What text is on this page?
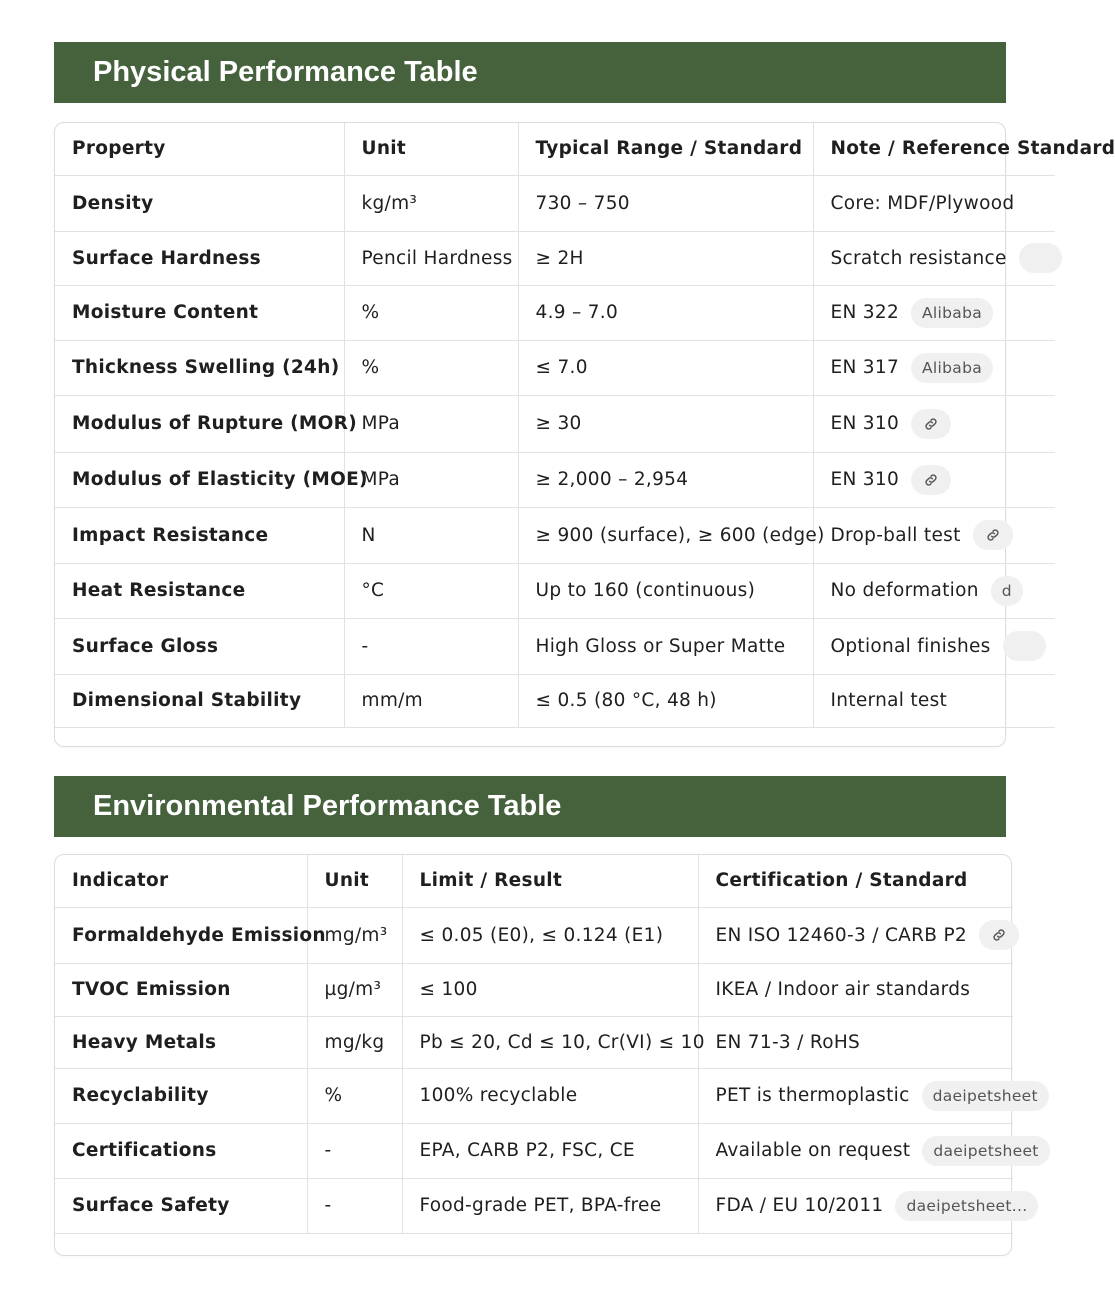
Physical Performance Table
Property	Unit	Typical Range / Standard	Note / Reference Standard
Density	kg/m³	730 – 750	Core: MDF/Plywood

Surface Hardness	Pencil Hardness	≥ 2H	Scratch resistance

Moisture Content	%	4.9 – 7.0	EN 322 Alibaba

Thickness Swelling (24h)	%	≤ 7.0	EN 317 Alibaba

Modulus of Rupture (MOR)	MPa	≥ 30	EN 310

Modulus of Elasticity (MOE)	MPa	≥ 2,000 – 2,954	EN 310

Impact Resistance	N	≥ 900 (surface), ≥ 600 (edge)	Drop-ball test

Heat Resistance	°C	Up to 160 (continuous)	No deformation d

Surface Gloss	-	High Gloss or Super Matte	Optional finishes

Dimensional Stability	mm/m	≤ 0.5 (80 °C, 48 h)	Internal test
Environmental Performance Table
Indicator	Unit	Limit / Result	Certification / Standard
Formaldehyde Emission	mg/m³	≤ 0.05 (E0), ≤ 0.124 (E1)	EN ISO 12460-3 / CARB P2

TVOC Emission	µg/m³	≤ 100	IKEA / Indoor air standards

Heavy Metals	mg/kg	Pb ≤ 20, Cd ≤ 10, Cr(VI) ≤ 10	EN 71-3 / RoHS

Recyclability	%	100% recyclable	PET is thermoplastic daeipetsheet

Certifications	-	EPA, CARB P2, FSC, CE	Available on request daeipetsheet

Surface Safety	-	Food-grade PET, BPA-free	FDA / EU 10/2011 daeipetsheet...
